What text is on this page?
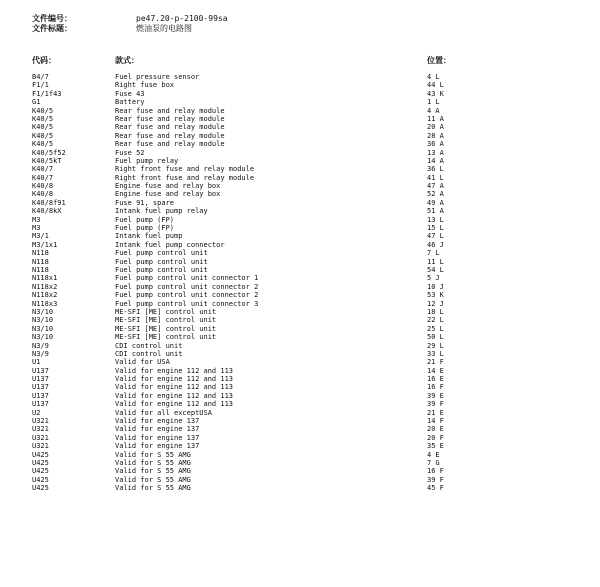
文件编号：	pe47.20-p-2100-99sa
文件标题：	燃油泵的电路图
代码：	款式：	位置：
B4/7	Fuel pressure sensor	4 L
F1/1	Right fuse box	44 L
F1/1f43	Fuse 43	43 K
G1	Battery	1 L
K40/5	Rear fuse and relay module	4 A
K40/5	Rear fuse and relay module	11 A
K40/5	Rear fuse and relay module	20 A
K40/5	Rear fuse and relay module	28 A
K40/5	Rear fuse and relay module	36 A
K40/5f52	Fuse 52	13 A
K40/5kT	Fuel pump relay	14 A
K40/7	Right front fuse and relay module	36 L
K40/7	Right front fuse and relay module	41 L
K40/8	Engine fuse and relay box	47 A
K40/8	Engine fuse and relay box	52 A
K40/8f91	Fuse 91, spare	49 A
K40/8kX	Intank fuel pump relay	51 A
M3	Fuel pump (FP)	13 L
M3	Fuel pump (FP)	15 L
M3/1	Intank fuel pump	47 L
M3/1x1	Intank fuel pump connector	46 J
N118	Fuel pump control unit	7 L
N118	Fuel pump control unit	11 L
N118	Fuel pump control unit	54 L
N118x1	Fuel pump control unit connector 1	5 J
N118x2	Fuel pump control unit connector 2	10 J
N118x2	Fuel pump control unit connector 2	53 K
N118x3	Fuel pump control unit connector 3	12 J
N3/10	ME-SFI [ME] control unit	18 L
N3/10	ME-SFI [ME] control unit	22 L
N3/10	ME-SFI [ME] control unit	25 L
N3/10	ME-SFI [ME] control unit	50 L
N3/9	CDI control unit	29 L
N3/9	CDI control unit	33 L
U1	Valid for USA	21 F
U137	Valid for engine 112 and 113	14 E
U137	Valid for engine 112 and 113	16 E
U137	Valid for engine 112 and 113	16 F
U137	Valid for engine 112 and 113	39 E
U137	Valid for engine 112 and 113	39 F
U2	Valid for all exceptUSA	21 E
U321	Valid for engine 137	14 F
U321	Valid for engine 137	20 E
U321	Valid for engine 137	20 F
U321	Valid for engine 137	35 E
U425	Valid for S 55 AMG	4 E
U425	Valid for S 55 AMG	7 G
U425	Valid for S 55 AMG	16 F
U425	Valid for S 55 AMG	39 F
U425	Valid for S 55 AMG	45 F
